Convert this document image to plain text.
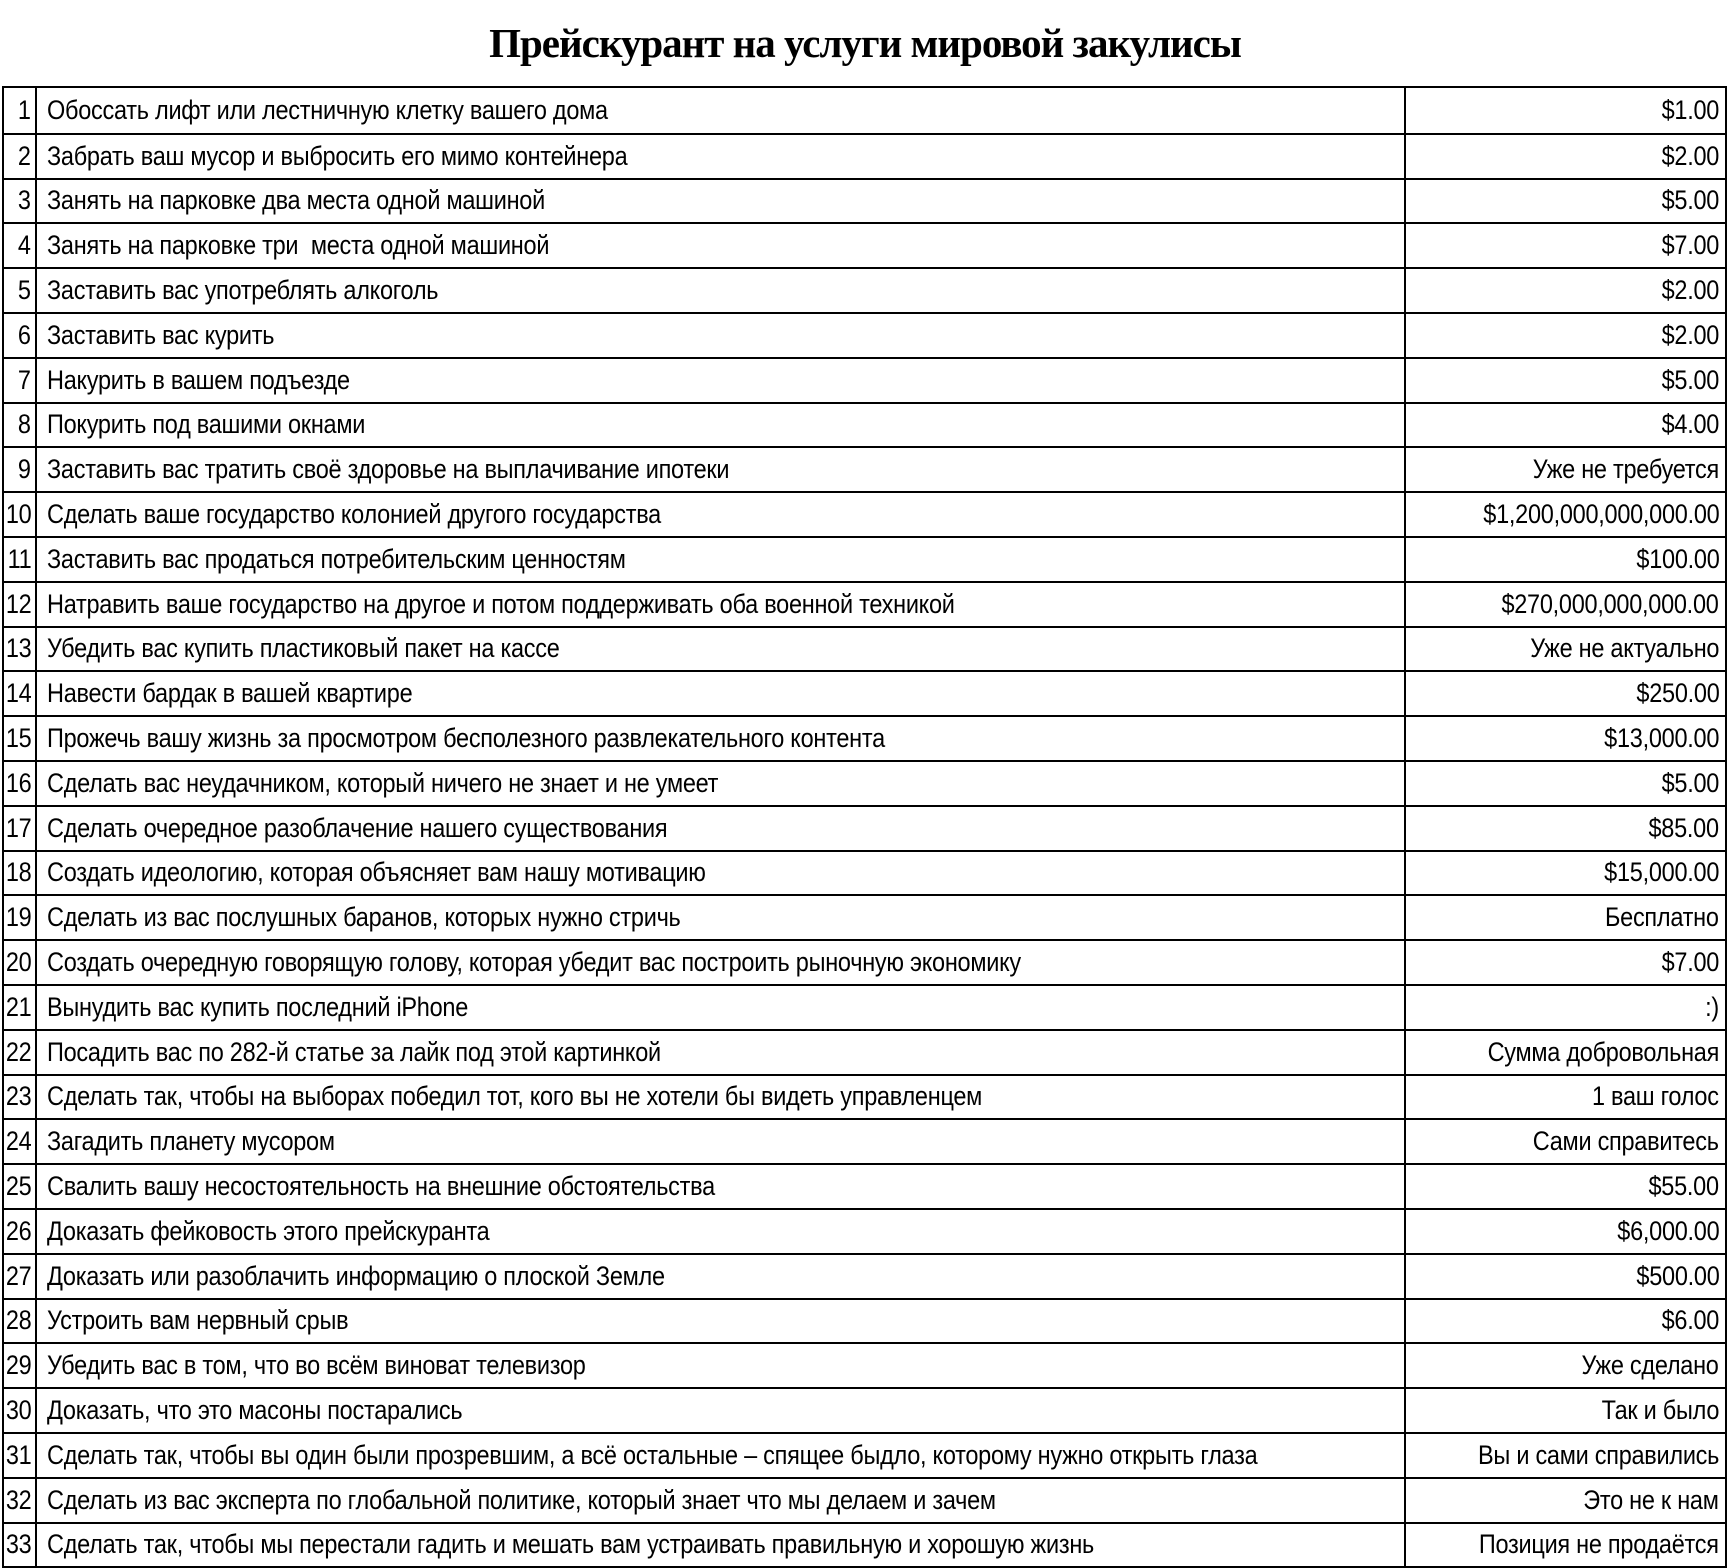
Прейскурант на услуги мировой закулисы
1 Обоссать лифт или лестничную клетку вашего дома	$1.00
2 Забрать ваш мусор и выбросить его мимо контейнера	$2.00
3 Занять на парковке два места одной машиной	$5.00
4 Занять на парковке три  места одной машиной	$7.00
5 Заставить вас употреблять алкоголь	$2.00
6 Заставить вас курить	$2.00
7 Накурить в вашем подъезде	$5.00
8 Покурить под вашими окнами	$4.00
9 Заставить вас тратить своё здоровье на выплачивание ипотеки	Уже не требуется
10 Сделать ваше государство колонией другого государства	$1,200,000,000,000.00
11 Заставить вас продаться потребительским ценностям	$100.00
12 Натравить ваше государство на другое и потом поддерживать оба военной техникой	$270,000,000,000.00
13 Убедить вас купить пластиковый пакет на кассе	Уже не актуально
14 Навести бардак в вашей квартире	$250.00
15 Прожечь вашу жизнь за просмотром бесполезного развлекательного контента	$13,000.00
16 Сделать вас неудачником, который ничего не знает и не умеет	$5.00
17 Сделать очередное разоблачение нашего существования	$85.00
18 Создать идеологию, которая объясняет вам нашу мотивацию	$15,000.00
19 Сделать из вас послушных баранов, которых нужно стричь	Бесплатно
20 Создать очередную говорящую голову, которая убедит вас построить рыночную экономику	$7.00
21 Вынудить вас купить последний iPhone	:)
22 Посадить вас по 282-й статье за лайк под этой картинкой	Сумма добровольная
23 Сделать так, чтобы на выборах победил тот, кого вы не хотели бы видеть управленцем	1 ваш голос
24 Загадить планету мусором	Сами справитесь
25 Свалить вашу несостоятельность на внешние обстоятельства	$55.00
26 Доказать фейковость этого прейскуранта	$6,000.00
27 Доказать или разоблачить информацию о плоской Земле	$500.00
28 Устроить вам нервный срыв	$6.00
29 Убедить вас в том, что во всём виноват телевизор	Уже сделано
30 Доказать, что это масоны постарались	Так и было
31 Сделать так, чтобы вы один были прозревшим, а всё остальные – спящее быдло, которому нужно открыть глаза	Вы и сами справились
32 Сделать из вас эксперта по глобальной политике, который знает что мы делаем и зачем	Это не к нам
33 Сделать так, чтобы мы перестали гадить и мешать вам устраивать правильную и хорошую жизнь	Позиция не продаётся
